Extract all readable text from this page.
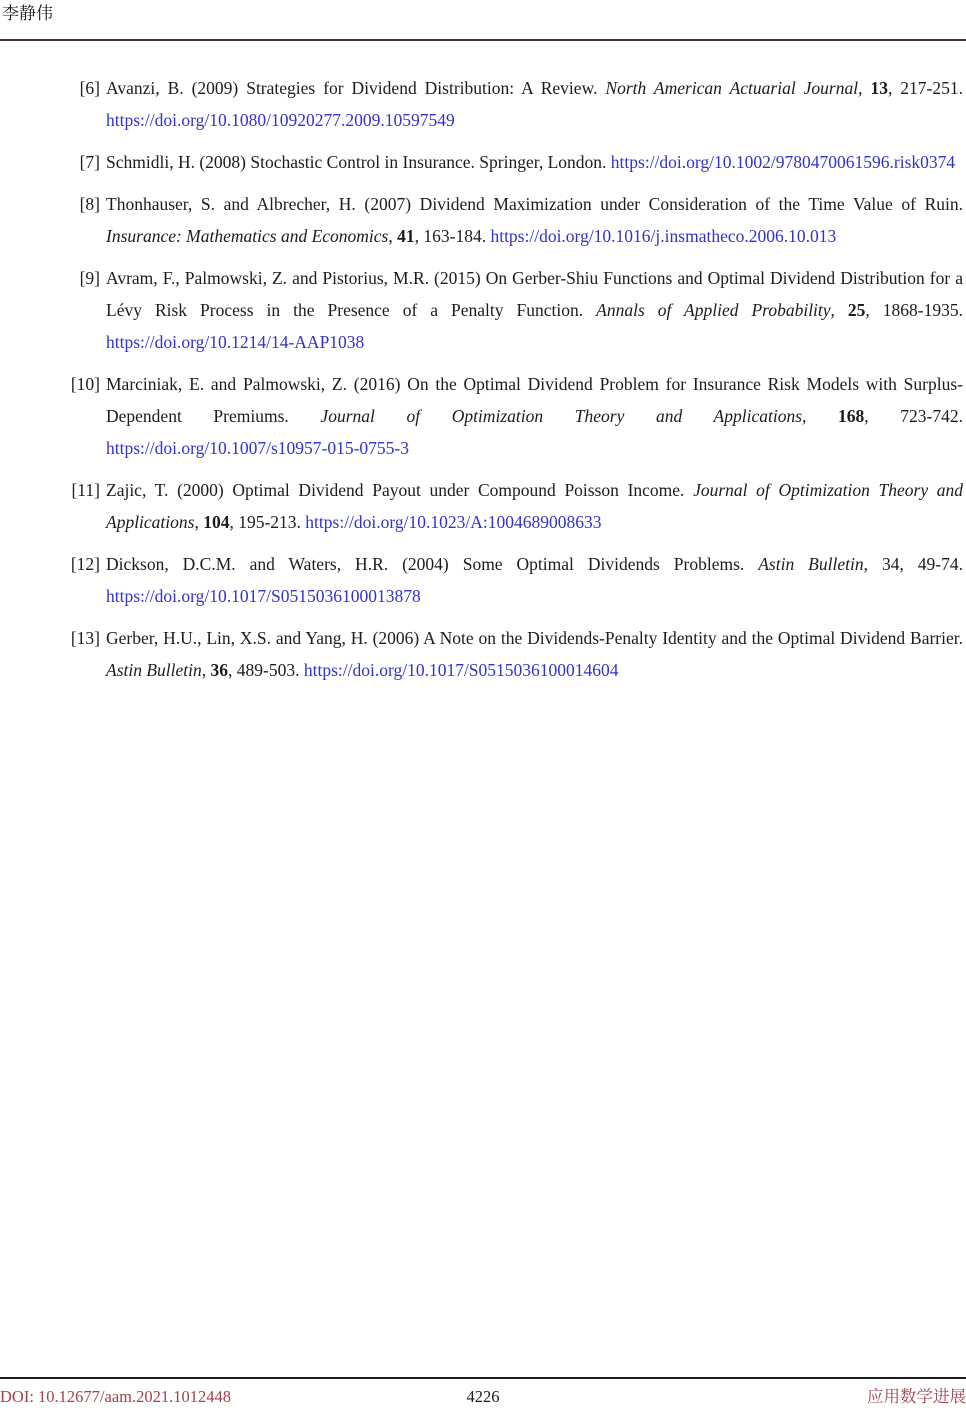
李静伟
[6] Avanzi, B. (2009) Strategies for Dividend Distribution: A Review. North American Actuarial Journal, 13, 217-251. https://doi.org/10.1080/10920277.2009.10597549
[7] Schmidli, H. (2008) Stochastic Control in Insurance. Springer, London. https://doi.org/10.1002/9780470061596.risk0374
[8] Thonhauser, S. and Albrecher, H. (2007) Dividend Maximization under Consideration of the Time Value of Ruin. Insurance: Mathematics and Economics, 41, 163-184. https://doi.org/10.1016/j.insmatheco.2006.10.013
[9] Avram, F., Palmowski, Z. and Pistorius, M.R. (2015) On Gerber-Shiu Functions and Optimal Dividend Distribution for a Lévy Risk Process in the Presence of a Penalty Function. Annals of Applied Probability, 25, 1868-1935. https://doi.org/10.1214/14-AAP1038
[10] Marciniak, E. and Palmowski, Z. (2016) On the Optimal Dividend Problem for Insurance Risk Models with Surplus-Dependent Premiums. Journal of Optimization Theory and Applications, 168, 723-742. https://doi.org/10.1007/s10957-015-0755-3
[11] Zajic, T. (2000) Optimal Dividend Payout under Compound Poisson Income. Journal of Optimization Theory and Applications, 104, 195-213. https://doi.org/10.1023/A:1004689008633
[12] Dickson, D.C.M. and Waters, H.R. (2004) Some Optimal Dividends Problems. Astin Bulletin, 34, 49-74. https://doi.org/10.1017/S0515036100013878
[13] Gerber, H.U., Lin, X.S. and Yang, H. (2006) A Note on the Dividends-Penalty Identity and the Optimal Dividend Barrier. Astin Bulletin, 36, 489-503. https://doi.org/10.1017/S0515036100014604
DOI: 10.12677/aam.2021.1012448	4226	应用数学进展
